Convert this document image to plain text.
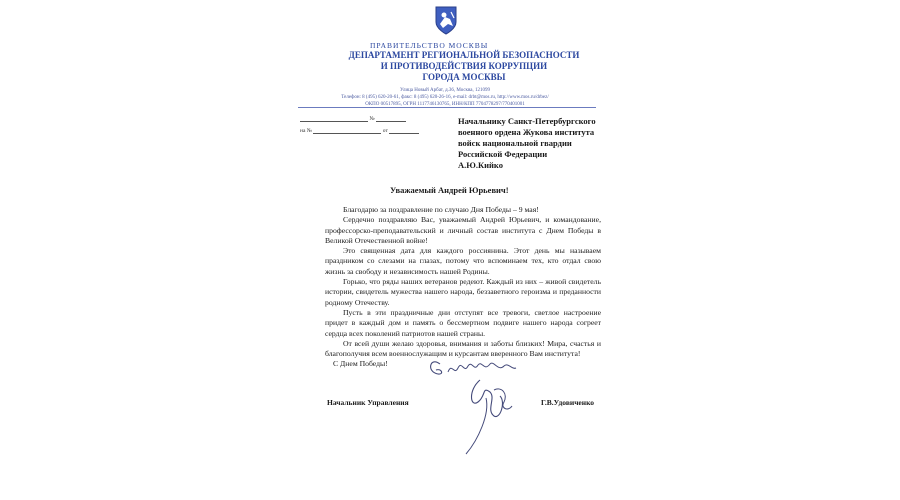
ПРАВИТЕЛЬСТВО МОСКВЫ
ДЕПАРТАМЕНТ РЕГИОНАЛЬНОЙ БЕЗОПАСНОСТИ
И ПРОТИВОДЕЙСТВИЯ КОРРУПЦИИ
ГОРОДА МОСКВЫ
Улица Новый Арбат, д.36, Москва, 121099
Телефон: 8 (495) 620-20-61, факс: 8 (495) 620-26-16, e-mail: drbt@mos.ru, http://www.mos.ru/drbez/
ОКПО 00517895, ОГРН 1117746130765, ИНН/КПП 7704778297/770401001
№
на №	от
Начальнику Санкт-Петербургского
военного ордена Жукова института
войск национальной гвардии
Российской Федерации
А.Ю.Кийко
Уважаемый Андрей Юрьевич!

Благодарю за поздравление по случаю Дня Победы – 9 мая!

Сердечно поздравляю Вас, уважаемый Андрей Юрьевич, и командование, профессорско-преподавательский и личный состав института с Днем Победы в Великой Отечественной войне!

Это священная дата для каждого россиянина. Этот день мы называем праздником со слезами на глазах, потому что вспоминаем тех, кто отдал свою жизнь за свободу и независимость нашей Родины.

Горько, что ряды наших ветеранов редеют. Каждый из них – живой свидетель истории, свидетель мужества нашего народа, беззаветного героизма и преданности родному Отечеству.

Пусть в эти праздничные дни отступят все тревоги, светлое настроение придет в каждый дом и память о бессмертном подвиге нашего народа согреет сердца всех поколений патриотов нашей страны.

От всей души желаю здоровья, внимания и заботы близких! Мира, счастья и благополучия всем военнослужащим и курсантам вверенного Вам института!

С Днем Победы!
Начальник Управления	Г.В.Удовиченко
